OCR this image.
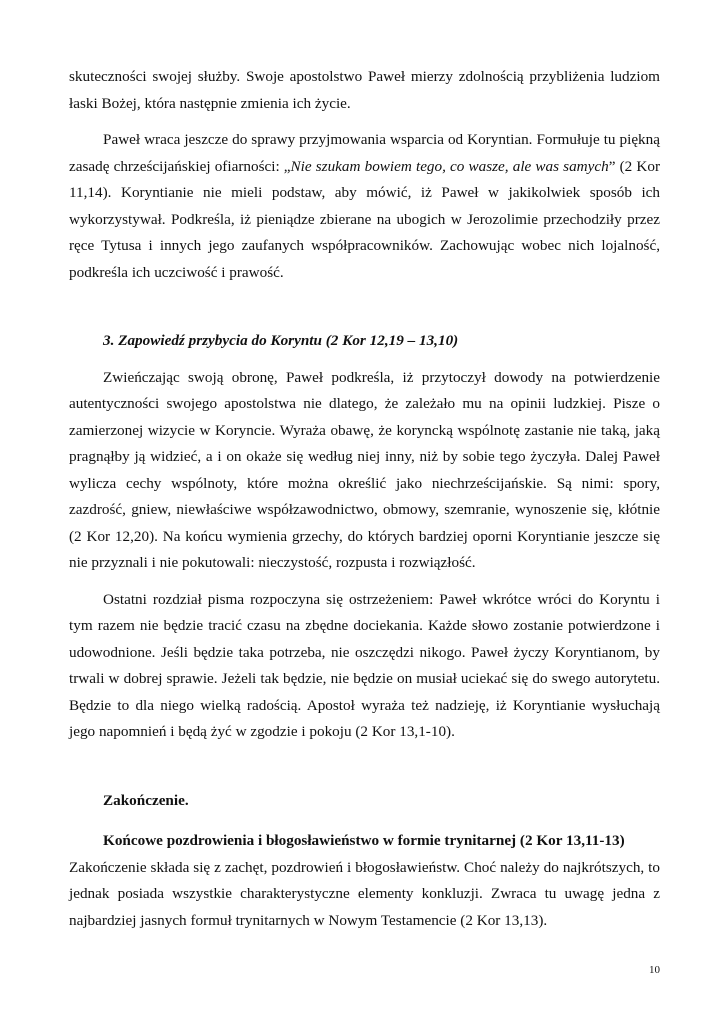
skuteczności swojej służby. Swoje apostolstwo Paweł mierzy zdolnością przybliżenia ludziom łaski Bożej, która następnie zmienia ich życie.

Paweł wraca jeszcze do sprawy przyjmowania wsparcia od Koryntian. Formułuje tu piękną zasadę chrześcijańskiej ofiarności: „Nie szukam bowiem tego, co wasze, ale was samych” (2 Kor 11,14). Koryntianie nie mieli podstaw, aby mówić, iż Paweł w jakikolwiek sposób ich wykorzystywał. Podkreśla, iż pieniądze zbierane na ubogich w Jerozolimie przechodziły przez ręce Tytusa i innych jego zaufanych współpracowników. Zachowując wobec nich lojalność, podkreśla ich uczciwość i prawość.

3. Zapowiedź przybycia do Koryntu (2 Kor 12,19 – 13,10)

Zwieńczając swoją obronę, Paweł podkreśla, iż przytoczył dowody na potwierdzenie autentyczności swojego apostolstwa nie dlatego, że zależało mu na opinii ludzkiej. Pisze o zamierzonej wizycie w Koryncie. Wyraża obawę, że koryncką wspólnotę zastanie nie taką, jaką pragnąłby ją widzieć, a i on okaże się według niej inny, niż by sobie tego życzyła. Dalej Paweł wylicza cechy wspólnoty, które można określić jako niechrześcijańskie. Są nimi: spory, zazdrość, gniew, niewłaściwe współzawodnictwo, obmowy, szemranie, wynoszenie się, kłótnie (2 Kor 12,20). Na końcu wymienia grzechy, do których bardziej oporni Koryntianie jeszcze się nie przyznali i nie pokutowali: nieczystość, rozpusta i rozwiązłość.

Ostatni rozdział pisma rozpoczyna się ostrzeżeniem: Paweł wkrótce wróci do Koryntu i tym razem nie będzie tracić czasu na zbędne dociekania. Każde słowo zostanie potwierdzone i udowodnione. Jeśli będzie taka potrzeba, nie oszczędzi nikogo. Paweł życzy Koryntianom, by trwali w dobrej sprawie. Jeżeli tak będzie, nie będzie on musiał uciekać się do swego autorytetu. Będzie to dla niego wielką radością. Apostoł wyraża też nadzieję, iż Koryntianie wysłuchają jego napomnień i będą żyć w zgodzie i pokoju (2 Kor 13,1-10).

Zakończenie.

Końcowe pozdrowienia i błogosławieństwo w formie trynitarnej (2 Kor 13,11-13)
Zakończenie składa się z zachęt, pozdrowień i błogosławieństw. Choć należy do najkrótszych, to jednak posiada wszystkie charakterystyczne elementy konkluzji. Zwraca tu uwagę jedna z najbardziej jasnych formuł trynitarnych w Nowym Testamencie (2 Kor 13,13).

10
